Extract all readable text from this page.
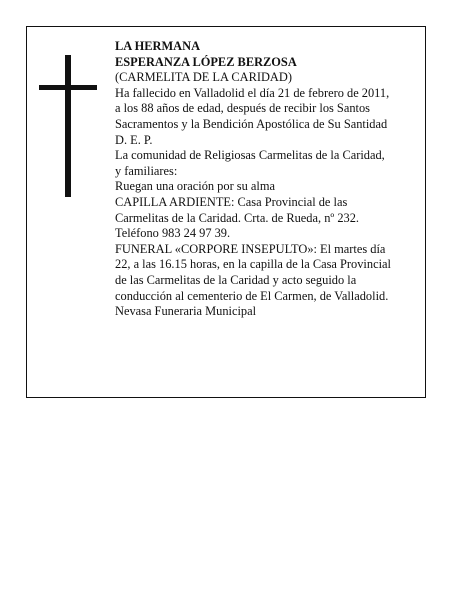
LA HERMANA
ESPERANZA LÓPEZ BERZOSA
(CARMELITA DE LA CARIDAD)
Ha fallecido en Valladolid el día 21 de febrero de 2011,
a los 88 años de edad, después de recibir los Santos
Sacramentos y la Bendición Apostólica de Su Santidad
D. E. P.
La comunidad de Religiosas Carmelitas de la Caridad,
y familiares:
Ruegan una oración por su alma
CAPILLA ARDIENTE: Casa Provincial de las
Carmelitas de la Caridad. Crta. de Rueda, nº 232.
Teléfono 983 24 97 39.
FUNERAL «CORPORE INSEPULTO»: El martes día
22, a las 16.15 horas, en la capilla de la Casa Provincial
de las Carmelitas de la Caridad y acto seguido la
conducción al cementerio de El Carmen, de Valladolid.
Nevasa Funeraria Municipal
